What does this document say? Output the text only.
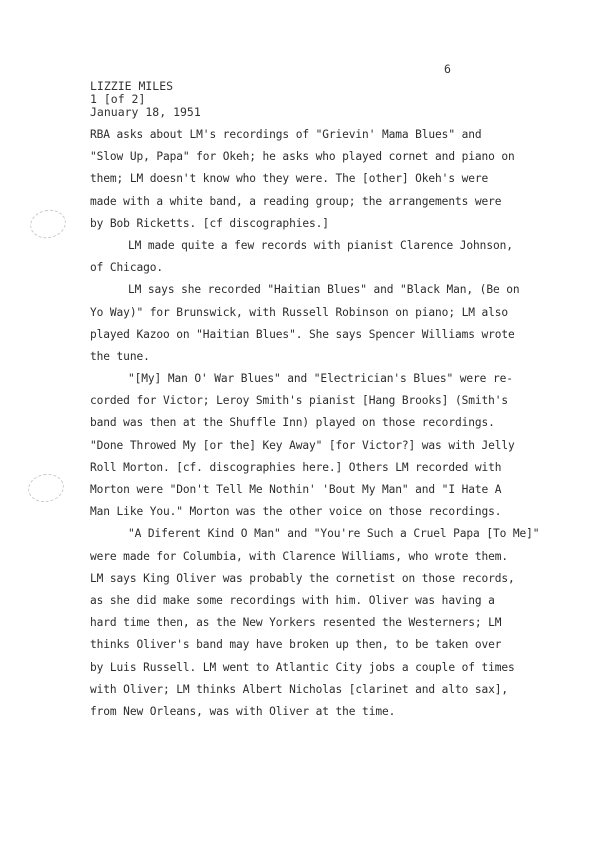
6
LIZZIE MILES
1 [of 2]
January 18, 1951
RBA asks about LM's recordings of "Grievin' Mama Blues" and
"Slow Up, Papa" for Okeh; he asks who played cornet and piano on
them; LM doesn't know who they were. The [other] Okeh's were
made with a white band, a reading group; the arrangements were
by Bob Ricketts. [cf discographies.]
LM made quite a few records with pianist Clarence Johnson,
of Chicago.
LM says she recorded "Haitian Blues" and "Black Man, (Be on
Yo Way)" for Brunswick, with Russell Robinson on piano; LM also
played Kazoo on "Haitian Blues". She says Spencer Williams wrote
the tune.
"[My] Man O' War Blues" and "Electrician's Blues" were re-
corded for Victor; Leroy Smith's pianist [Hang Brooks] (Smith's
band was then at the Shuffle Inn) played on those recordings.
"Done Throwed My [or the] Key Away" [for Victor?] was with Jelly
Roll Morton. [cf. discographies here.] Others LM recorded with
Morton were "Don't Tell Me Nothin' 'Bout My Man" and "I Hate A
Man Like You." Morton was the other voice on those recordings.
"A Diferent Kind O Man" and "You're Such a Cruel Papa [To Me]"
were made for Columbia, with Clarence Williams, who wrote them.
LM says King Oliver was probably the cornetist on those records,
as she did make some recordings with him. Oliver was having a
hard time then, as the New Yorkers resented the Westerners; LM
thinks Oliver's band may have broken up then, to be taken over
by Luis Russell. LM went to Atlantic City jobs a couple of times
with Oliver; LM thinks Albert Nicholas [clarinet and alto sax],
from New Orleans, was with Oliver at the time.
